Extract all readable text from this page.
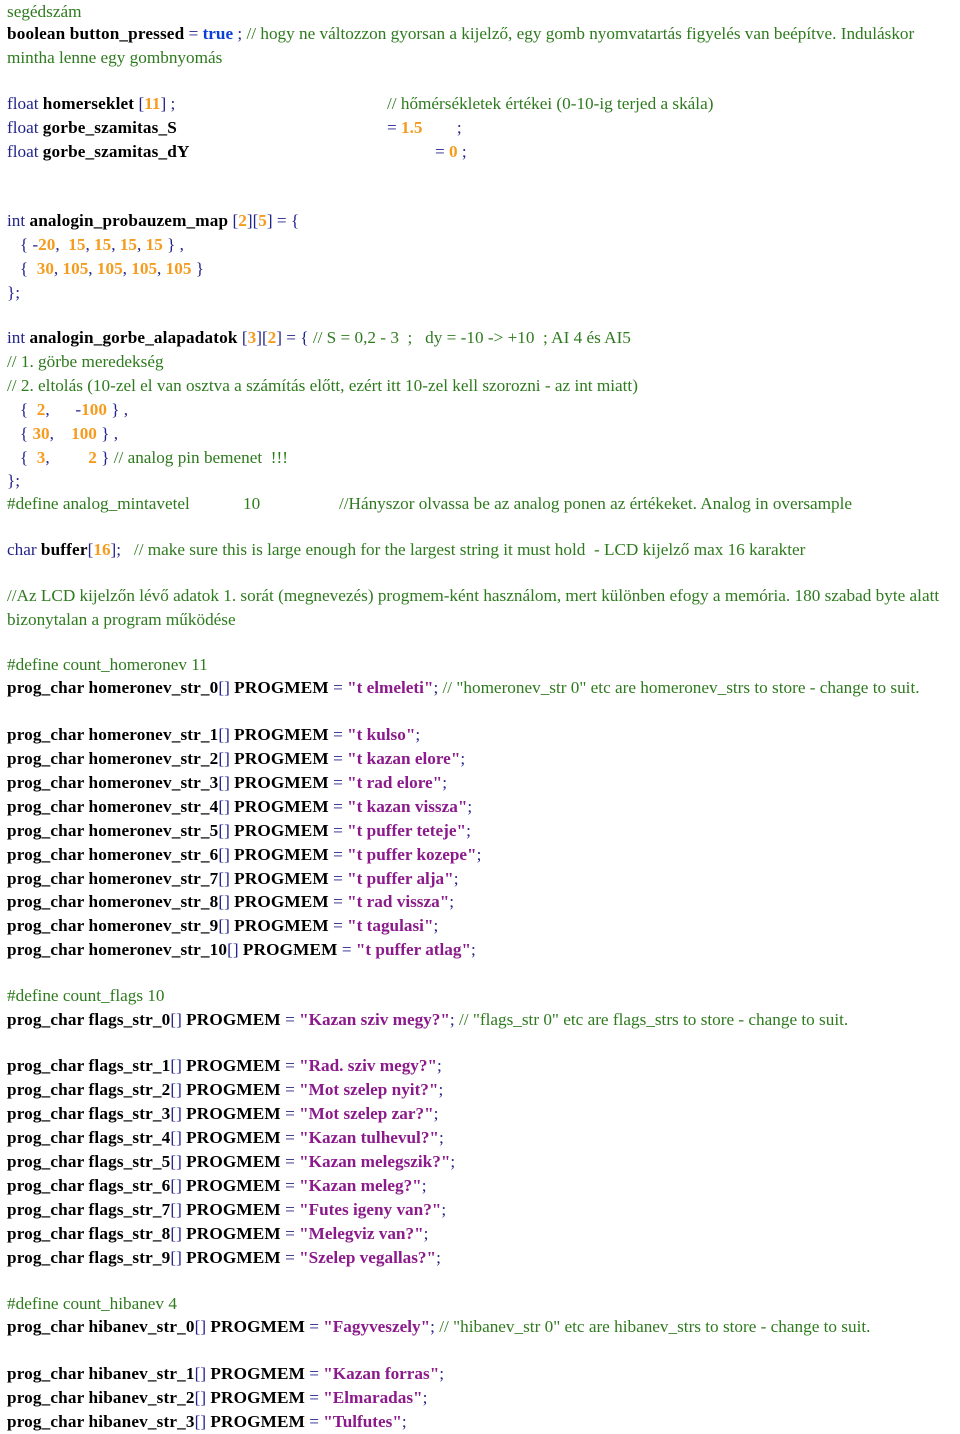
segédszám
boolean button_pressed = true ; // hogy ne változzon gyorsan a kijelző, egy gomb nyomvatartás figyelés van beépítve. Induláskor mintha lenne egy gombnyomás
float homerseklet [11] ;	// hőmérsékletek értékei (0-10-ig terjed a skála)
float gorbe_szamitas_S	= 1.5        ;
float gorbe_szamitas_dY	= 0 ;
int analogin_probauzem_map [2][5] = {
{ -20,  15, 15, 15, 15 } ,
{  30, 105, 105, 105, 105 }
};
int analogin_gorbe_alapadatok [3][2] = { // S = 0,2 - 3  ;   dy = -10 -> +10  ; AI 4 és AI5
// 1. görbe meredekség
// 2. eltolás (10-zel el van osztva a számítás előtt, ezért itt 10-zel kell szorozni - az int miatt)
{  2,      -100 } ,
{ 30,    100 } ,
{  3,         2 } // analog pin bemenet  !!!
};
#define analog_mintavetel	10	//Hányszor olvassa be az analog ponen az értékeket. Analog in oversample
char buffer[16];   // make sure this is large enough for the largest string it must hold  - LCD kijelző max 16 karakter
//Az LCD kijelzőn lévő adatok 1. sorát (megnevezés) progmem-ként használom, mert különben efogy a memória. 180 szabad byte alatt bizonytalan a program működése
#define count_homeronev 11
prog_char homeronev_str_0[] PROGMEM = "t elmeleti"; // "homeronev_str 0" etc are homeronev_strs to store - change to suit.
prog_char homeronev_str_1[] PROGMEM = "t kulso";
prog_char homeronev_str_2[] PROGMEM = "t kazan elore";
prog_char homeronev_str_3[] PROGMEM = "t rad elore";
prog_char homeronev_str_4[] PROGMEM = "t kazan vissza";
prog_char homeronev_str_5[] PROGMEM = "t puffer teteje";
prog_char homeronev_str_6[] PROGMEM = "t puffer kozepe";
prog_char homeronev_str_7[] PROGMEM = "t puffer alja";
prog_char homeronev_str_8[] PROGMEM = "t rad vissza";
prog_char homeronev_str_9[] PROGMEM = "t tagulasi";
prog_char homeronev_str_10[] PROGMEM = "t puffer atlag";
#define count_flags 10
prog_char flags_str_0[] PROGMEM = "Kazan sziv megy?"; // "flags_str 0" etc are flags_strs to store - change to suit.
prog_char flags_str_1[] PROGMEM = "Rad. sziv megy?";
prog_char flags_str_2[] PROGMEM = "Mot szelep nyit?";
prog_char flags_str_3[] PROGMEM = "Mot szelep zar?";
prog_char flags_str_4[] PROGMEM = "Kazan tulhevul?";
prog_char flags_str_5[] PROGMEM = "Kazan melegszik?";
prog_char flags_str_6[] PROGMEM = "Kazan meleg?";
prog_char flags_str_7[] PROGMEM = "Futes igeny van?";
prog_char flags_str_8[] PROGMEM = "Melegviz van?";
prog_char flags_str_9[] PROGMEM = "Szelep vegallas?";
#define count_hibanev 4
prog_char hibanev_str_0[] PROGMEM = "Fagyveszely"; // "hibanev_str 0" etc are hibanev_strs to store - change to suit.
prog_char hibanev_str_1[] PROGMEM = "Kazan forras";
prog_char hibanev_str_2[] PROGMEM = "Elmaradas";
prog_char hibanev_str_3[] PROGMEM = "Tulfutes";
